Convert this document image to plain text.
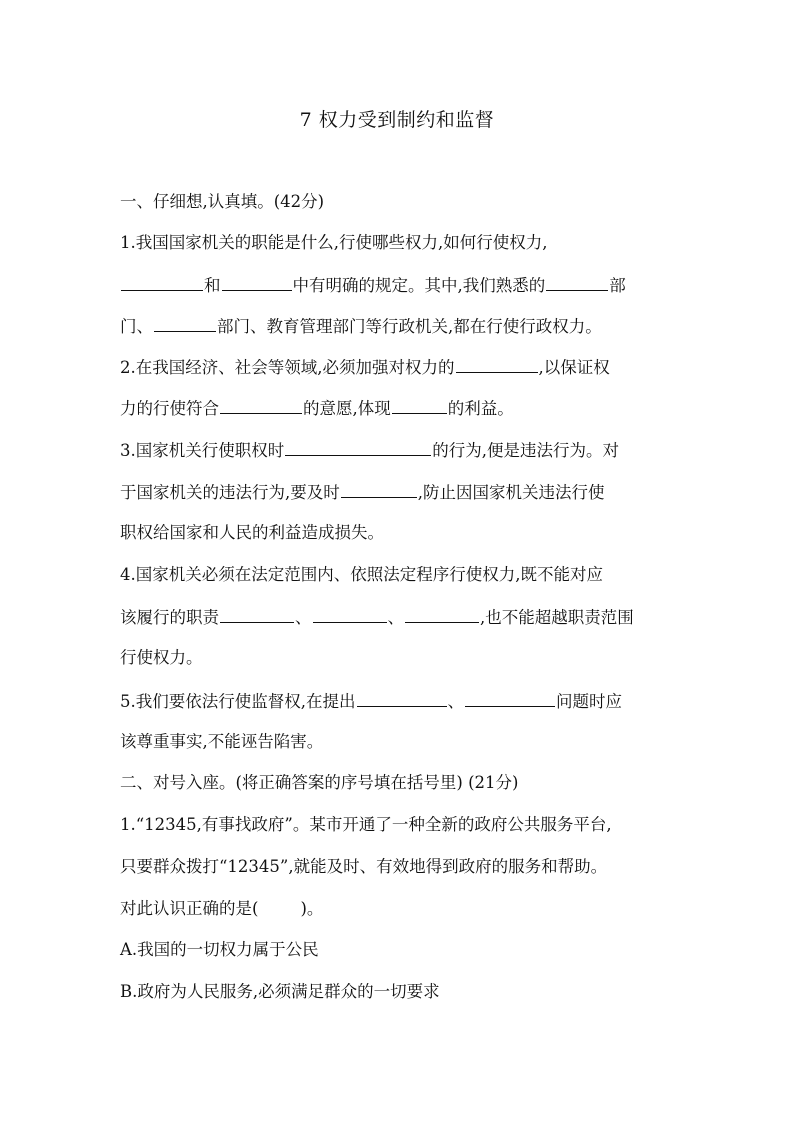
7 权力受到制约和监督
一、仔细想,认真填。(42分)
1.我国国家机关的职能是什么,行使哪些权力,如何行使权力,
和	中有明确的规定。其中,我们熟悉的	部
门、	部门、教育管理部门等行政机关,都在行使行政权力。
2.在我国经济、社会等领域,必须加强对权力的	,以保证权
力的行使符合	的意愿,体现	的利益。
3.国家机关行使职权时	的行为,便是违法行为。对
于国家机关的违法行为,要及时	,防止因国家机关违法行使
职权给国家和人民的利益造成损失。
4.国家机关必须在法定范围内、依照法定程序行使权力,既不能对应
该履行的职责	、	、	,也不能超越职责范围
行使权力。
5.我们要依法行使监督权,在提出	、	问题时应
该尊重事实,不能诬告陷害。
二、对号入座。(将正确答案的序号填在括号里) (21分)
1.“12345,有事找政府”。某市开通了一种全新的政府公共服务平台,
只要群众拨打“12345”,就能及时、有效地得到政府的服务和帮助。
对此认识正确的是(	)。
A.我国的一切权力属于公民
B.政府为人民服务,必须满足群众的一切要求
